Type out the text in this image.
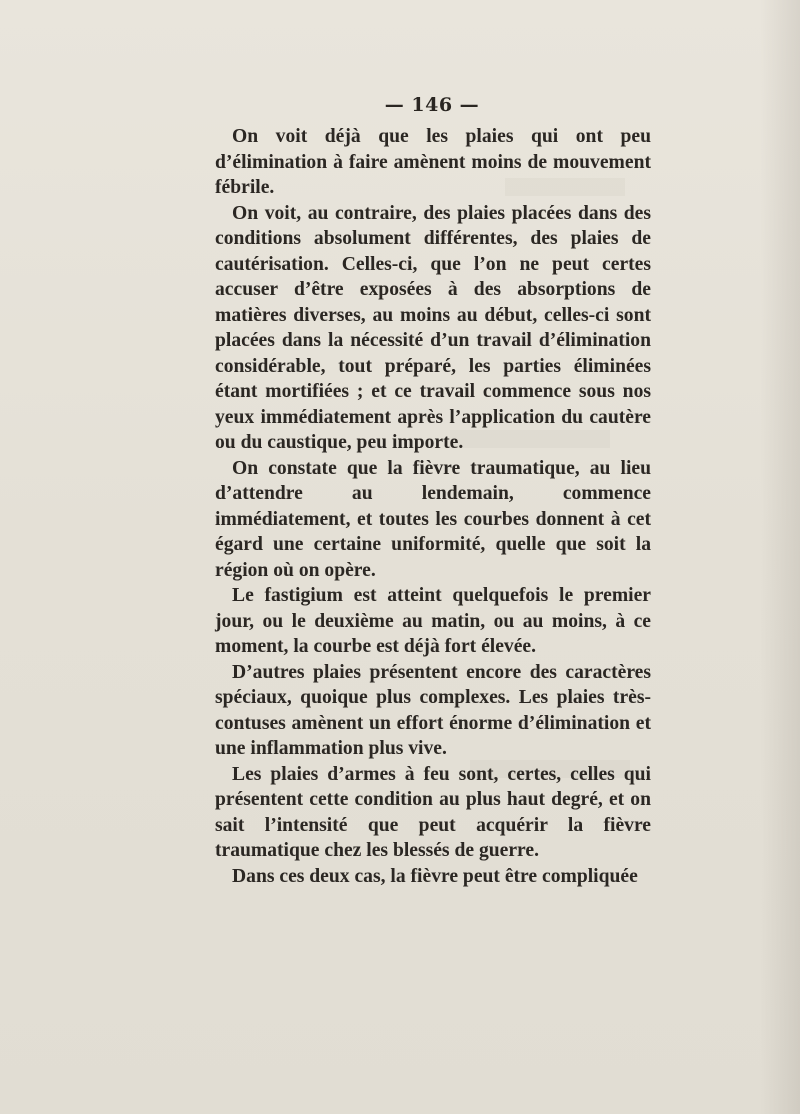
— 146 —

On voit déjà que les plaies qui ont peu d’élimination à faire amènent moins de mouvement fébrile.

On voit, au contraire, des plaies placées dans des conditions absolument différentes, des plaies de cautérisation. Celles-ci, que l’on ne peut certes accuser d’être exposées à des absorptions de matières diverses, au moins au début, celles-ci sont placées dans la nécessité d’un travail d’élimination considérable, tout préparé, les parties éliminées étant mortifiées ; et ce travail commence sous nos yeux immédiatement après l’application du cautère ou du caustique, peu importe.

On constate que la fièvre traumatique, au lieu d’attendre au lendemain, commence immédiatement, et toutes les courbes donnent à cet égard une certaine uniformité, quelle que soit la région où on opère.

Le fastigium est atteint quelquefois le premier jour, ou le deuxième au matin, ou au moins, à ce moment, la courbe est déjà fort élevée.

D’autres plaies présentent encore des caractères spéciaux, quoique plus complexes. Les plaies très-contuses amènent un effort énorme d’élimination et une inflammation plus vive.

Les plaies d’armes à feu sont, certes, celles qui présentent cette condition au plus haut degré, et on sait l’intensité que peut acquérir la fièvre traumatique chez les blessés de guerre.

Dans ces deux cas, la fièvre peut être compliquée
